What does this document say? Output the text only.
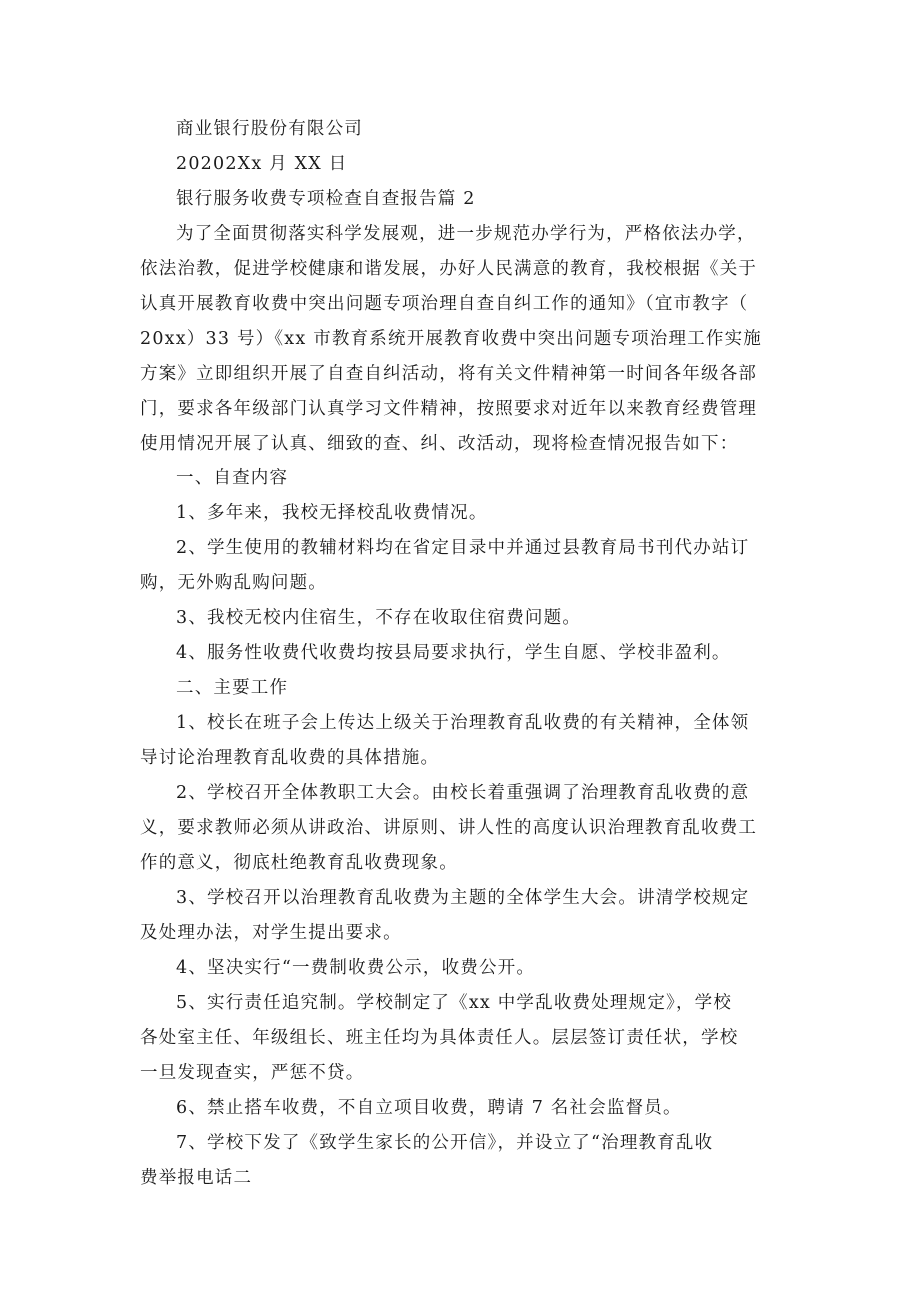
商业银行股份有限公司

20202Xx 月 XX 日

银行服务收费专项检查自查报告篇 2

为了全面贯彻落实科学发展观，进一步规范办学行为，严格依法办学，

依法治教，促进学校健康和谐发展，办好人民满意的教育，我校根据《关于

认真开展教育收费中突出问题专项治理自查自纠工作的通知》（宜市教字（

20xx）33 号）《xx 市教育系统开展教育收费中突出问题专项治理工作实施

方案》立即组织开展了自查自纠活动，将有关文件精神第一时间各年级各部

门，要求各年级部门认真学习文件精神，按照要求对近年以来教育经费管理

使用情况开展了认真、细致的查、纠、改活动，现将检查情况报告如下：

一、自查内容

1、多年来，我校无择校乱收费情况。

2、学生使用的教辅材料均在省定目录中并通过县教育局书刊代办站订

购，无外购乱购问题。

3、我校无校内住宿生，不存在收取住宿费问题。

4、服务性收费代收费均按县局要求执行，学生自愿、学校非盈利。

二、主要工作

1、校长在班子会上传达上级关于治理教育乱收费的有关精神，全体领

导讨论治理教育乱收费的具体措施。

2、学校召开全体教职工大会。由校长着重强调了治理教育乱收费的意

义，要求教师必须从讲政治、讲原则、讲人性的高度认识治理教育乱收费工

作的意义，彻底杜绝教育乱收费现象。

3、学校召开以治理教育乱收费为主题的全体学生大会。讲清学校规定

及处理办法，对学生提出要求。

4、坚决实行“一费制收费公示，收费公开。

5、实行责任追究制。学校制定了《xx 中学乱收费处理规定》，学校

各处室主任、年级组长、班主任均为具体责任人。层层签订责任状，学校

一旦发现查实，严惩不贷。

6、禁止搭车收费，不自立项目收费，聘请 7 名社会监督员。

7、学校下发了《致学生家长的公开信》，并设立了“治理教育乱收

费举报电话二
